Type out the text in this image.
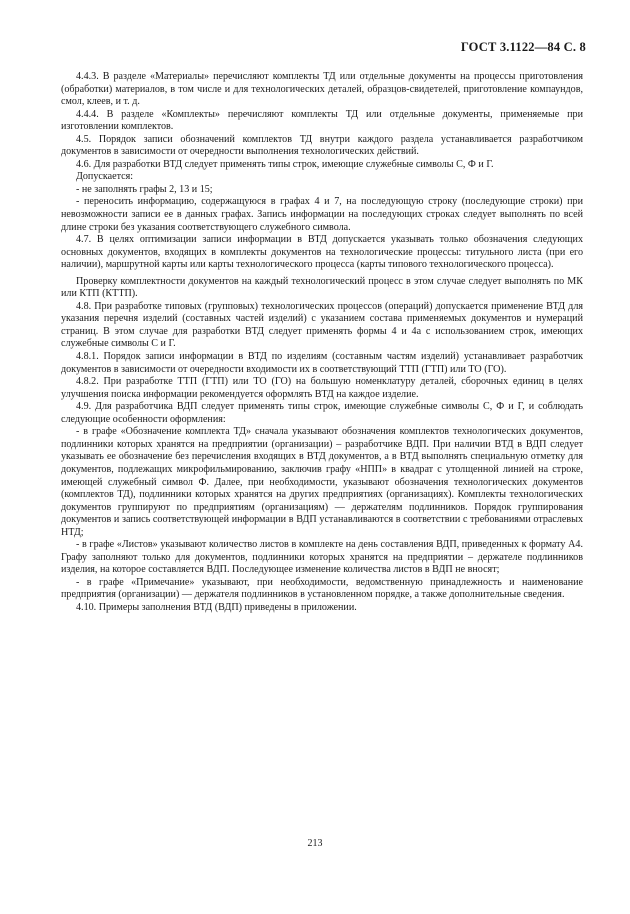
ГОСТ 3.1122—84 С. 8

4.4.3. В разделе «Материалы» перечисляют комплекты ТД или отдельные документы на процессы приготовления (обработки) материалов, в том числе и для технологических деталей, образцов-свидетелей, приготовление компаундов, смол, клеев, и т. д.

4.4.4. В разделе «Комплекты» перечисляют комплекты ТД или отдельные документы, применяемые при изготовлении комплектов.

4.5. Порядок записи обозначений комплектов ТД внутри каждого раздела устанавливается разработчиком документов в зависимости от очередности выполнения технологических действий.

4.6. Для разработки ВТД следует применять типы строк, имеющие служебные символы С, Ф и Г.

Допускается:

- не заполнять графы 2, 13 и 15;

- переносить информацию, содержащуюся в графах 4 и 7, на последующую строку (последующие строки) при невозможности записи ее в данных графах. Запись информации на последующих строках следует выполнять по всей длине строки без указания соответствующего служебного символа.

4.7. В целях оптимизации записи информации в ВТД допускается указывать только обозначения следующих основных документов, входящих в комплекты документов на технологические процессы: титульного листа (при его наличии), маршрутной карты или карты технологического процесса (карты типового технологического процесса).

Проверку комплектности документов на каждый технологический процесс в этом случае следует выполнять по МК или КТП (КТТП).

4.8. При разработке типовых (групповых) технологических процессов (операций) допускается применение ВТД для указания перечня изделий (составных частей изделий) с указанием состава применяемых документов и нумераций страниц. В этом случае для разработки ВТД следует применять формы 4 и 4а с использованием строк, имеющих служебные символы С и Г.

4.8.1. Порядок записи информации в ВТД по изделиям (составным частям изделий) устанавливает разработчик документов в зависимости от очередности входимости их в соответствующий ТТП (ГТП) или ТО (ГО).

4.8.2. При разработке ТТП (ГТП) или ТО (ГО) на большую номенклатуру деталей, сборочных единиц в целях улучшения поиска информации рекомендуется оформлять ВТД на каждое изделие.

4.9. Для разработчика ВДП следует применять типы строк, имеющие служебные символы С, Ф и Г, и соблюдать следующие особенности оформления:

- в графе «Обозначение комплекта ТД» сначала указывают обозначения комплектов технологических документов, подлинники которых хранятся на предприятии (организации) – разработчике ВДП. При наличии ВТД в ВДП следует указывать ее обозначение без перечисления входящих в ВТД документов, а в ВТД выполнять специальную отметку для документов, подлежащих микрофильмированию, заключив графу «НПП» в квадрат с утолщенной линией на строке, имеющей служебный символ Ф. Далее, при необходимости, указывают обозначения технологических документов (комплектов ТД), подлинники которых хранятся на других предприятиях (организациях). Комплекты технологических документов группируют по предприятиям (организациям) — держателям подлинников. Порядок группирования документов и запись соответствующей информации в ВДП устанавливаются в соответствии с требованиями отраслевых НТД;

- в графе «Листов» указывают количество листов в комплекте на день составления ВДП, приведенных к формату А4. Графу заполняют только для документов, подлинники которых хранятся на предприятии – держателе подлинников изделия, на которое составляется ВДП. Последующее изменение количества листов в ВДП не вносят;

- в графе «Примечание» указывают, при необходимости, ведомственную принадлежность и наименование предприятия (организации) — держателя подлинников в установленном порядке, а также дополнительные сведения.

4.10. Примеры заполнения ВТД (ВДП) приведены в приложении.

213
